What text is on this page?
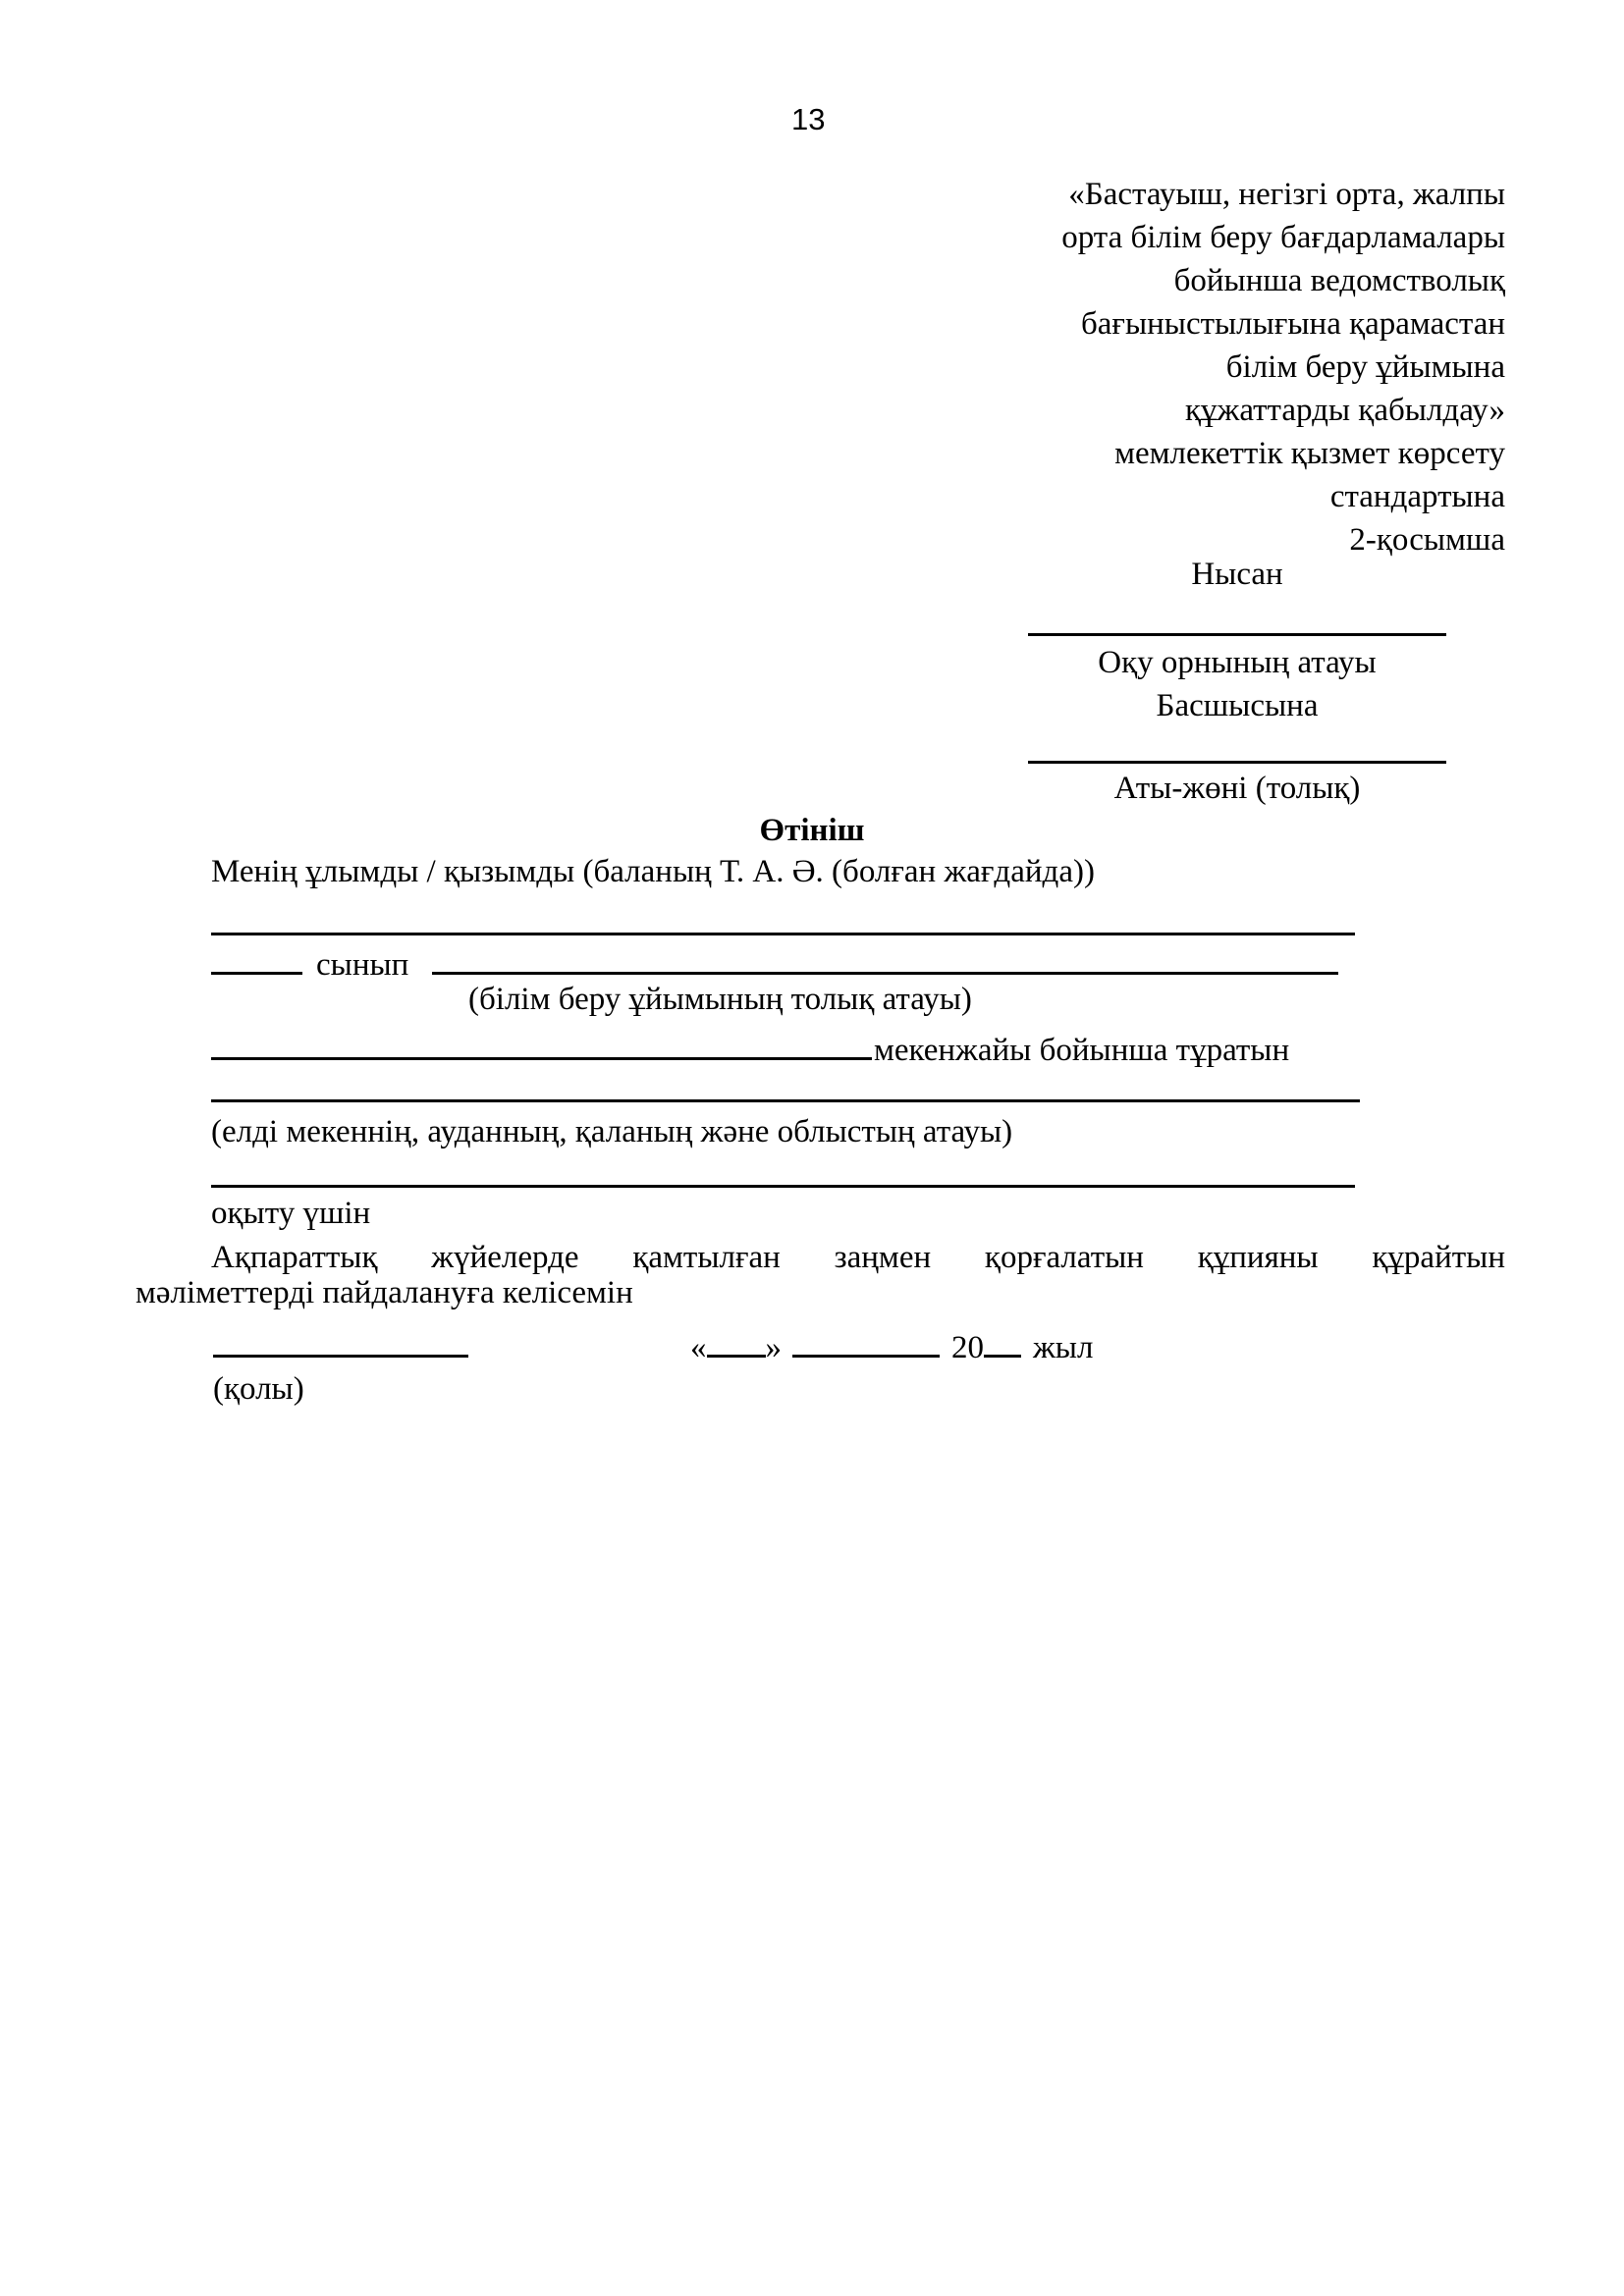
13
«Бастауыш, негізгі орта, жалпы
орта білім беру бағдарламалары
бойынша ведомстволық
бағыныстылығына қарамастан
білім беру ұйымына
құжаттарды қабылдау»
мемлекеттік қызмет көрсету
стандартына
2-қосымша
Нысан
Оқу орнының атауы
Басшысына
Аты-жөні (толық)
Өтініш
Менің ұлымды / қызымды (баланың Т. А. Ә. (болған жағдайда))
сынып
(білім беру ұйымының толық атауы)
мекенжайы бойынша тұратын
(елді мекеннің, ауданның, қаланың және облыстың атауы)
оқыту үшін
Ақпараттық жүйелерде қамтылған заңмен қорғалатын құпияны құрайтын
мәліметтерді пайдалануға келісемін
« »	20 жыл
(қолы)
